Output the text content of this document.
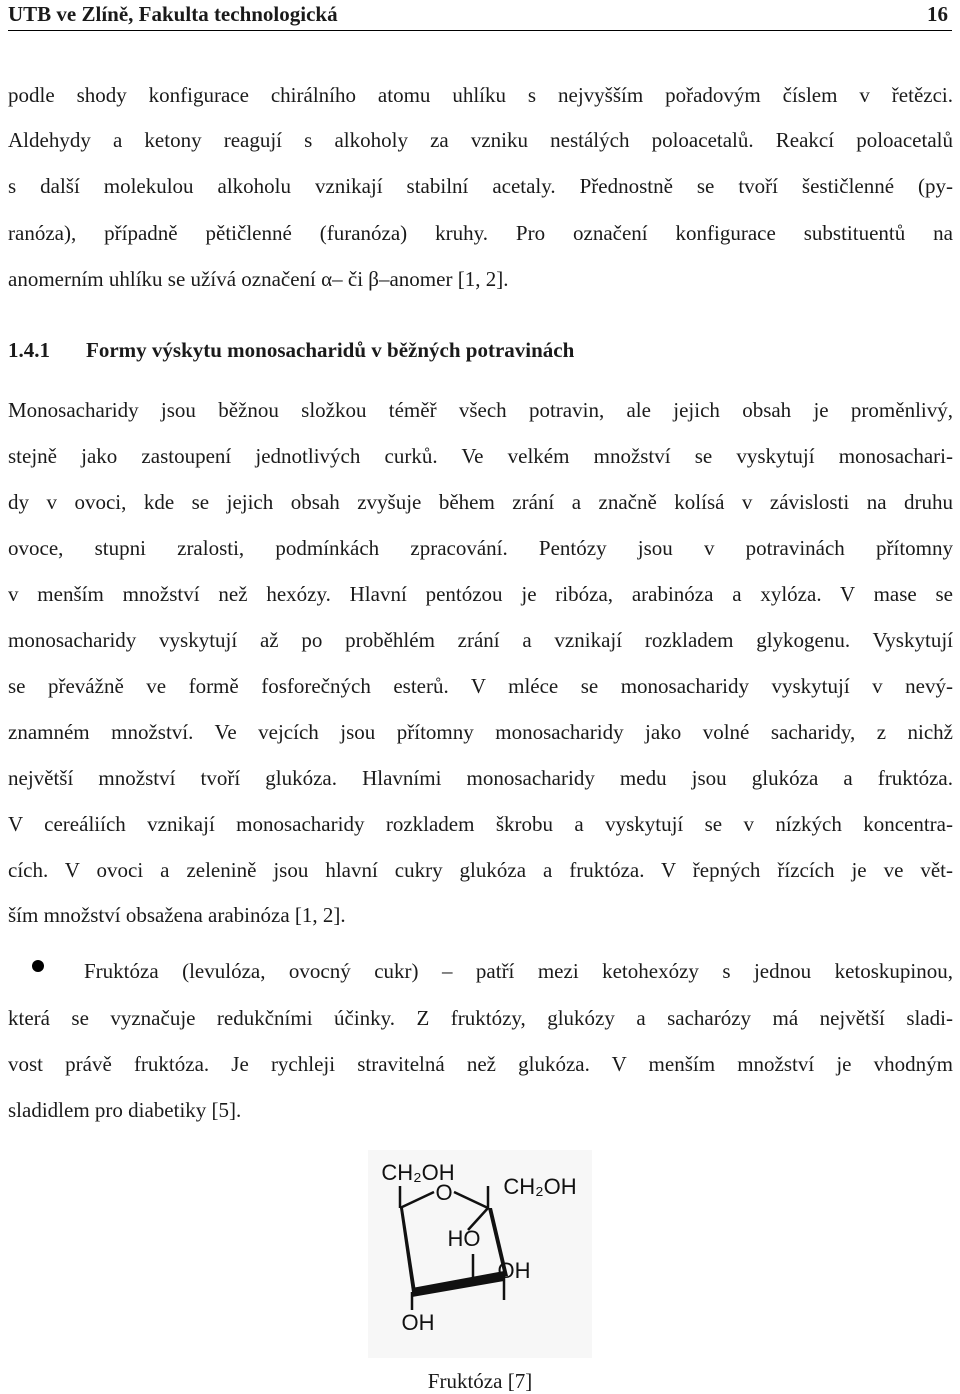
UTB ve Zlíně, Fakulta technologická	16
podle shody konfigurace chirálního atomu uhlíku s nejvyšším pořadovým číslem v řetězci.
Aldehydy a ketony reagují s alkoholy za vzniku nestálých poloacetalů. Reakcí poloacetalů
s další molekulou alkoholu vznikají stabilní acetaly. Přednostně se tvoří šestičlenné (py-
ranóza), případně pětičlenné (furanóza) kruhy. Pro označení konfigurace substituentů na
anomerním uhlíku se užívá označení α– či β–anomer [1, 2].
1.4.1 Formy výskytu monosacharidů v běžných potravinách
Monosacharidy jsou běžnou složkou téměř všech potravin, ale jejich obsah je proměnlivý,
stejně jako zastoupení jednotlivých curků. Ve velkém množství se vyskytují monosachari-
dy v ovoci, kde se jejich obsah zvyšuje během zrání a značně kolísá v závislosti na druhu
ovoce, stupni zralosti, podmínkách zpracování. Pentózy jsou v potravinách přítomny
v menším množství než hexózy. Hlavní pentózou je ribóza, arabinóza a xylóza. V mase se
monosacharidy vyskytují až po proběhlém zrání a vznikají rozkladem glykogenu. Vyskytují
se převážně ve formě fosforečných esterů. V mléce se monosacharidy vyskytují v nevý-
znamném množství. Ve vejcích jsou přítomny monosacharidy jako volné sacharidy, z nichž
největší množství tvoří glukóza. Hlavními monosacharidy medu jsou glukóza a fruktóza.
V cereáliích vznikají monosacharidy rozkladem škrobu a vyskytují se v nízkých koncentra-
cích. V ovoci a zelenině jsou hlavní cukry glukóza a fruktóza. V řepných řízcích je ve vět-
ším množství obsažena arabinóza [1, 2].
Fruktóza (levulóza, ovocný cukr) – patří mezi ketohexózy s jednou ketoskupinou,
která se vyznačuje redukčními účinky. Z fruktózy, glukózy a sacharózy má největší sladi-
vost právě fruktóza. Je rychleji stravitelná než glukóza. V menším množství je vhodným
sladidlem pro diabetiky [5].
CH₂OH
O CH₂OH
HO
OH
OH
Fruktóza [7]
